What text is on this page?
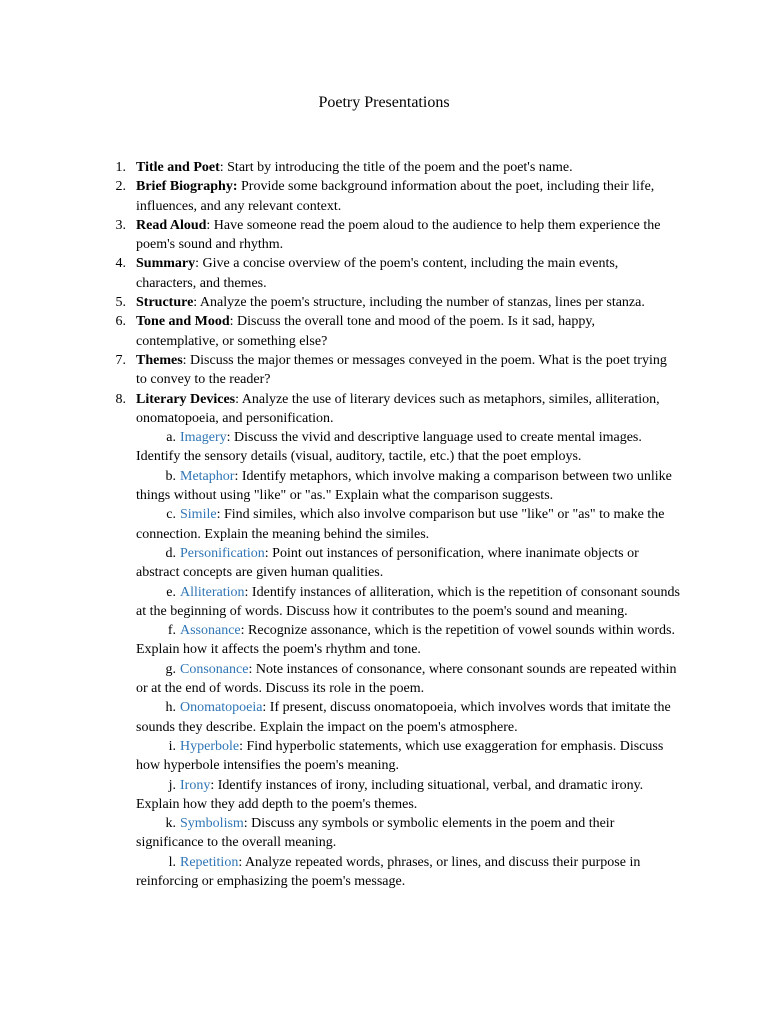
Poetry Presentations
1. Title and Poet: Start by introducing the title of the poem and the poet's name.

2. Brief Biography: Provide some background information about the poet, including their life, influences, and any relevant context.

3. Read Aloud: Have someone read the poem aloud to the audience to help them experience the poem's sound and rhythm.

4. Summary: Give a concise overview of the poem's content, including the main events, characters, and themes.

5. Structure: Analyze the poem's structure, including the number of stanzas, lines per stanza.

6. Tone and Mood: Discuss the overall tone and mood of the poem. Is it sad, happy, contemplative, or something else?

7. Themes: Discuss the major themes or messages conveyed in the poem. What is the poet trying to convey to the reader?

8. Literary Devices: Analyze the use of literary devices such as metaphors, similes, alliteration, onomatopoeia, and personification.

a. Imagery: Discuss the vivid and descriptive language used to create mental images. Identify the sensory details (visual, auditory, tactile, etc.) that the poet employs.

b. Metaphor: Identify metaphors, which involve making a comparison between two unlike things without using "like" or "as." Explain what the comparison suggests.

c. Simile: Find similes, which also involve comparison but use "like" or "as" to make the connection. Explain the meaning behind the similes.

d. Personification: Point out instances of personification, where inanimate objects or abstract concepts are given human qualities.

e. Alliteration: Identify instances of alliteration, which is the repetition of consonant sounds at the beginning of words. Discuss how it contributes to the poem's sound and meaning.

f. Assonance: Recognize assonance, which is the repetition of vowel sounds within words. Explain how it affects the poem's rhythm and tone.

g. Consonance: Note instances of consonance, where consonant sounds are repeated within or at the end of words. Discuss its role in the poem.

h. Onomatopoeia: If present, discuss onomatopoeia, which involves words that imitate the sounds they describe. Explain the impact on the poem's atmosphere.

i. Hyperbole: Find hyperbolic statements, which use exaggeration for emphasis. Discuss how hyperbole intensifies the poem's meaning.

j. Irony: Identify instances of irony, including situational, verbal, and dramatic irony. Explain how they add depth to the poem's themes.

k. Symbolism: Discuss any symbols or symbolic elements in the poem and their significance to the overall meaning.

l. Repetition: Analyze repeated words, phrases, or lines, and discuss their purpose in reinforcing or emphasizing the poem's message.
